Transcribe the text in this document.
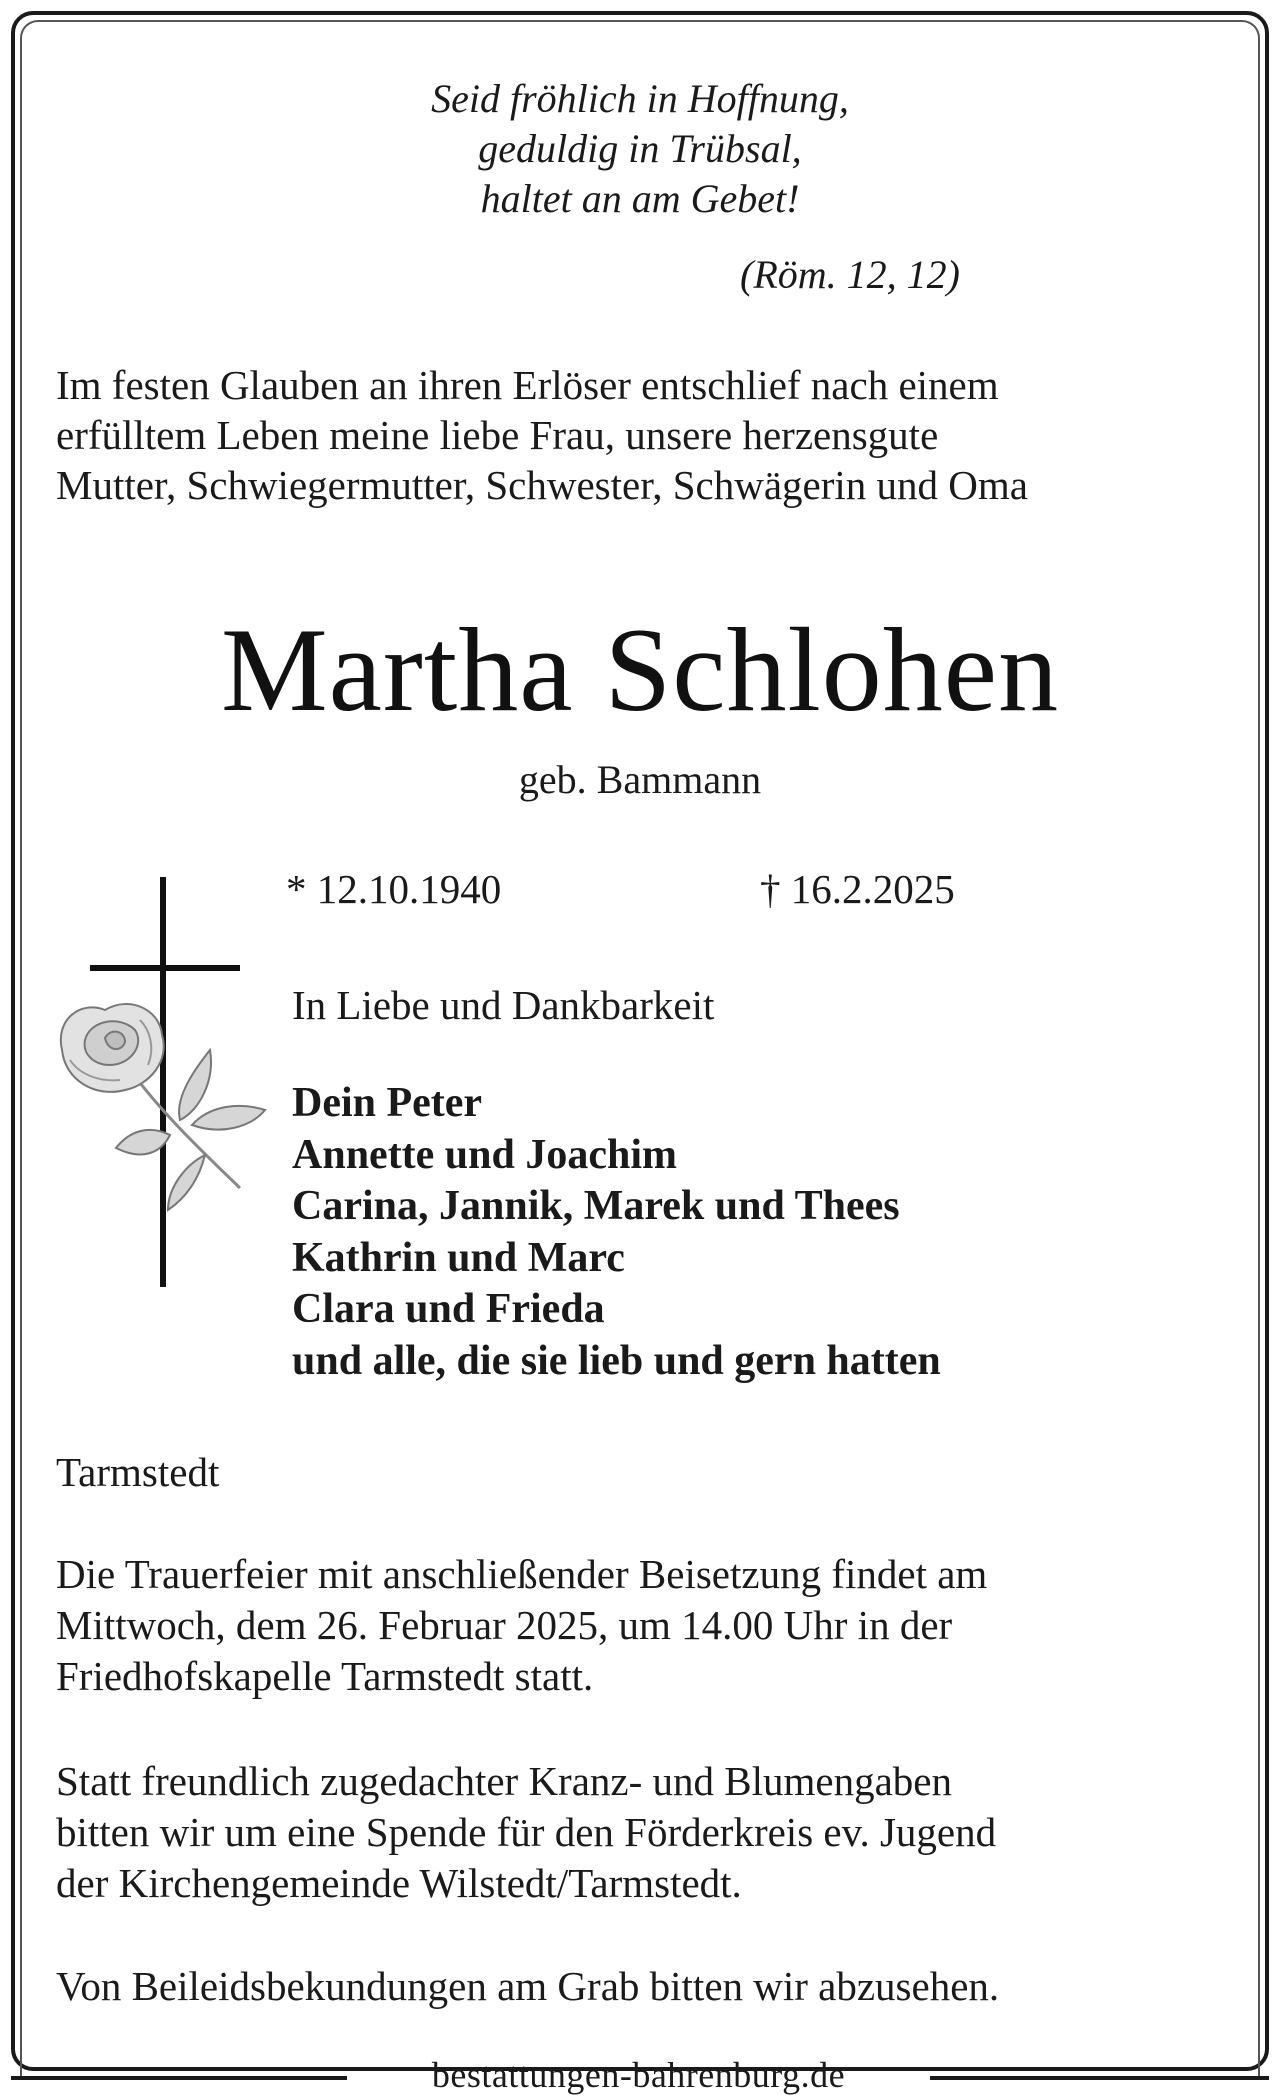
Seid fröhlich in Hoffnung,
geduldig in Trübsal,
haltet an am Gebet!
(Röm. 12, 12)
Im festen Glauben an ihren Erlöser entschlief nach einem
erfülltem Leben meine liebe Frau, unsere herzensgute
Mutter, Schwiegermutter, Schwester, Schwägerin und Oma
Martha Schlohen
geb. Bammann
* 12.10.1940	† 16.2.2025
In Liebe und Dankbarkeit
Dein Peter
Annette und Joachim
Carina, Jannik, Marek und Thees
Kathrin und Marc
Clara und Frieda
und alle, die sie lieb und gern hatten
Tarmstedt
Die Trauerfeier mit anschließender Beisetzung findet am
Mittwoch, dem 26. Februar 2025, um 14.00 Uhr in der
Friedhofskapelle Tarmstedt statt.
Statt freundlich zugedachter Kranz- und Blumengaben
bitten wir um eine Spende für den Förderkreis ev. Jugend
der Kirchengemeinde Wilstedt/Tarmstedt.
Von Beileidsbekundungen am Grab bitten wir abzusehen.
bestattungen-bahrenburg.de
